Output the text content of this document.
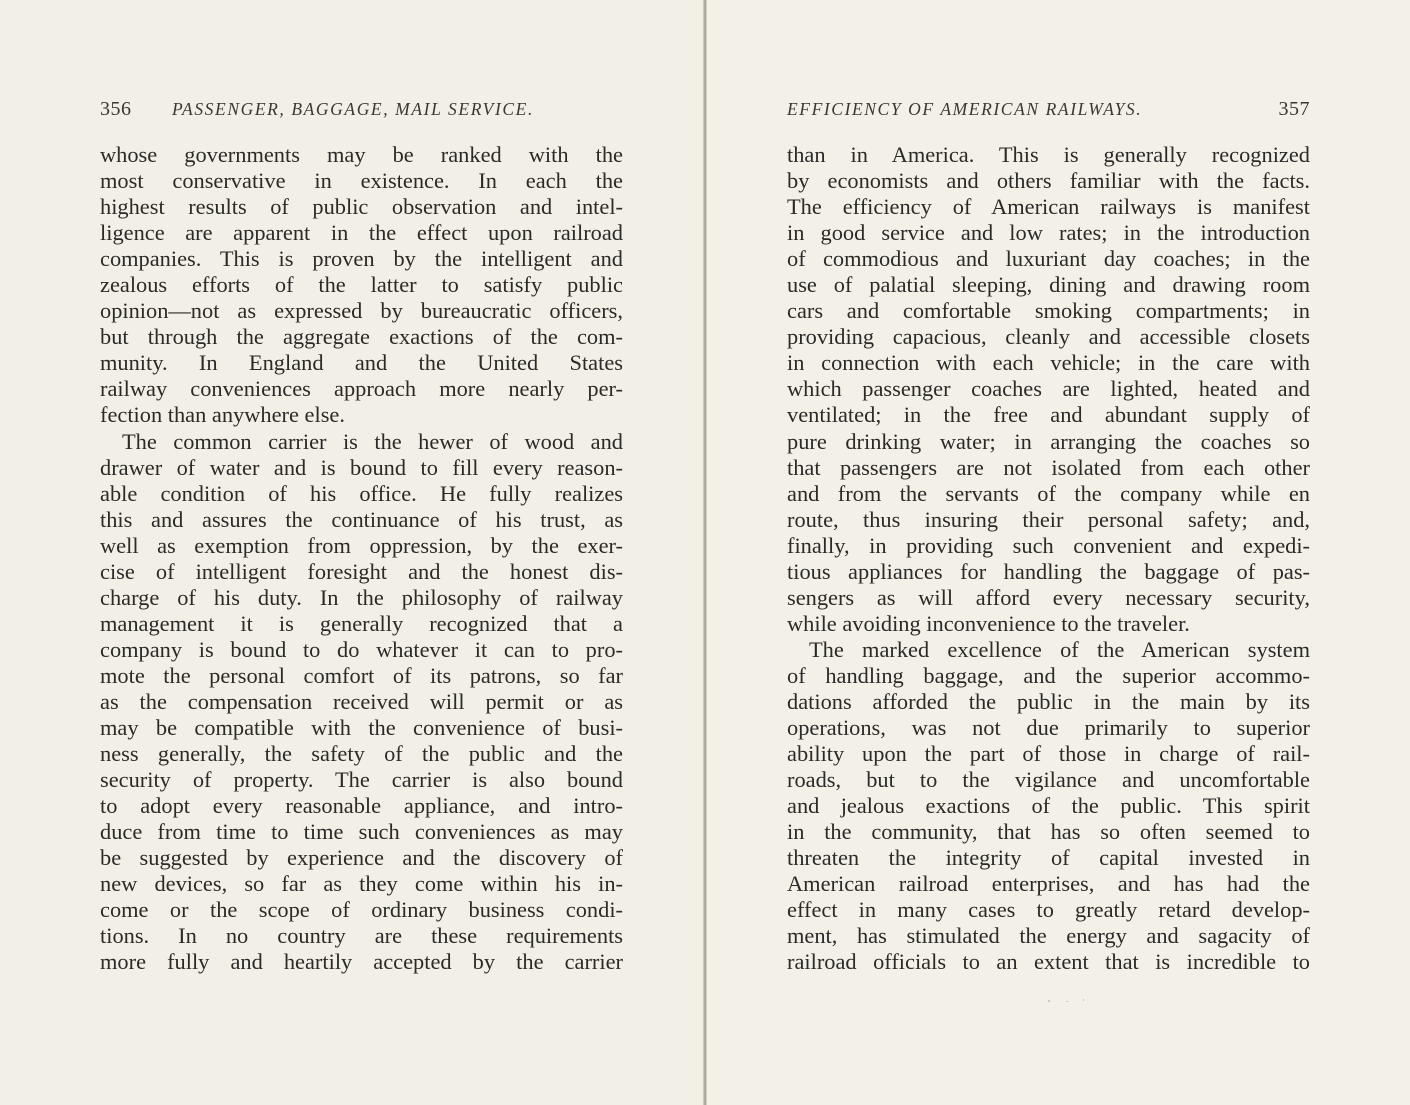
356 PASSENGER, BAGGAGE, MAIL SERVICE.
whose governments may be ranked with the
most conservative in existence. In each the
highest results of public observation and intel-
ligence are apparent in the effect upon railroad
companies. This is proven by the intelligent and
zealous efforts of the latter to satisfy public
opinion—not as expressed by bureaucratic officers,
but through the aggregate exactions of the com-
munity. In England and the United States
railway conveniences approach more nearly per-
fection than anywhere else.
The common carrier is the hewer of wood and
drawer of water and is bound to fill every reason-
able condition of his office. He fully realizes
this and assures the continuance of his trust, as
well as exemption from oppression, by the exer-
cise of intelligent foresight and the honest dis-
charge of his duty. In the philosophy of railway
management it is generally recognized that a
company is bound to do whatever it can to pro-
mote the personal comfort of its patrons, so far
as the compensation received will permit or as
may be compatible with the convenience of busi-
ness generally, the safety of the public and the
security of property. The carrier is also bound
to adopt every reasonable appliance, and intro-
duce from time to time such conveniences as may
be suggested by experience and the discovery of
new devices, so far as they come within his in-
come or the scope of ordinary business condi-
tions. In no country are these requirements
more fully and heartily accepted by the carrier
EFFICIENCY OF AMERICAN RAILWAYS.	357
than in America. This is generally recognized
by economists and others familiar with the facts.
The efficiency of American railways is manifest
in good service and low rates; in the introduction
of commodious and luxuriant day coaches; in the
use of palatial sleeping, dining and drawing room
cars and comfortable smoking compartments; in
providing capacious, cleanly and accessible closets
in connection with each vehicle; in the care with
which passenger coaches are lighted, heated and
ventilated; in the free and abundant supply of
pure drinking water; in arranging the coaches so
that passengers are not isolated from each other
and from the servants of the company while en
route, thus insuring their personal safety; and,
finally, in providing such convenient and expedi-
tious appliances for handling the baggage of pas-
sengers as will afford every necessary security,
while avoiding inconvenience to the traveler.
The marked excellence of the American system
of handling baggage, and the superior accommo-
dations afforded the public in the main by its
operations, was not due primarily to superior
ability upon the part of those in charge of rail-
roads, but to the vigilance and uncomfortable
and jealous exactions of the public. This spirit
in the community, that has so often seemed to
threaten the integrity of capital invested in
American railroad enterprises, and has had the
effect in many cases to greatly retard develop-
ment, has stimulated the energy and sagacity of
railroad officials to an extent that is incredible to
